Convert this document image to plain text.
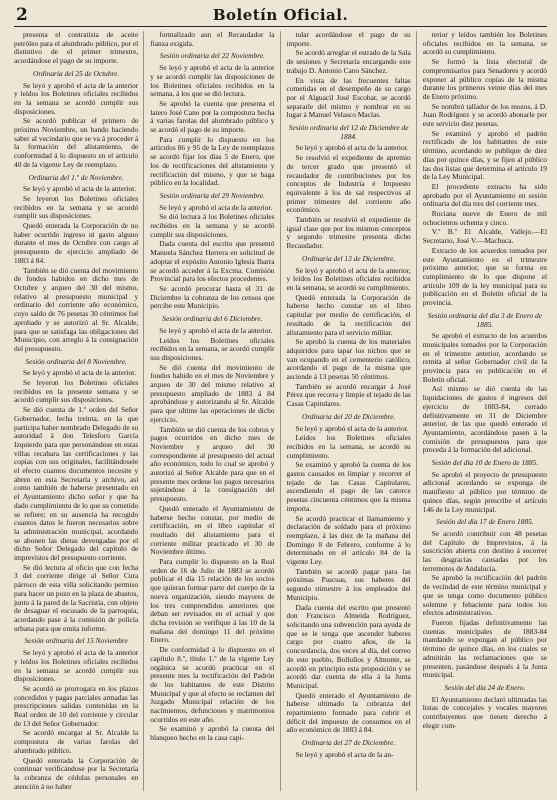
2	Boletín Oficial.

presenta el contratista de aceite petróleo para el alumbrado público, por el distintivo de el primer trimestre, acordándose el pago de su importe.

Ordinaria del 25 de Octubre.

Se leyó y aprobó el acta de la anterior y leídos los Boletines oficiales recibidos en la semana se acordó cumplir sus disposiciones.

Se acordó publicar el primero de próximo Noviembre, un bando haciendo saber al vecindario que se va á proceder á la formación del alistamiento, de conformidad á lo dispuesto en el artículo 40 de la vigente Ley de reemplazo.

Ordinaria del 1.º de Noviembre.

Se leyó y aprobó el acta de la anterior.

Se leyeron los Boletines oficiales recibidos en la semana y se acordó cumplir sus disposiciones.

Quedó enterada la Corporación de no haber ocurrido ingreso ni gasto alguno durante el mes de Octubre con cargo al presupuesto de ejercicio ampliado de 1883 á 84.

También se dió cuenta del movimiento de fondos habidos en dicho mes de Octubre y arqueo del 30 del mismo, relativo al presupuesto municipal y ordinario del corriente año económico, cuyo saldo de 76 pesetas 30 céntimos fué aprobado y se autorizó al Sr. Alcalde, para que se satisfaga las obligaciones del Municipio, con arreglo á la consignación del presupuesto.

Sesión ordinaria del 8 Noviembre.

Se leyó y aprobó el acta de la anterior.

Se leyeron los Boletines oficiales recibidos en la presente semana y se acordó cumplir sus disposiciones.

Se dió cuenta de 1.º orden del Señor Gobernador, fecha treinta, en la que participa haber nombrado Delegado de su autoridad á don Telesforo García Izquierdo para que personándose en estas villas recabara las certificaciones y las copias con sus originales, facilitándosele el efecto cuantos documentos necesite y abren en esta Secretaría y archivo, así como también de haberse presentado en el Ayuntamiento dicho señor y que ha dado cumplimiento de lo que su cometido se refiere; en su ausencia ha recogido cuantos datos le fueron necesarios sobre la administración municipal, acordando se abonen las dietas devengadas por el dicho Señor Delegado del capítulo de imprevistos del presupuesto corriente.

Se dió lectura al oficio que con fecha 3 del corriente dirige al Señor Cura párroco de esta villa solicitando permiso para hacer un pozo en la plaza de abastos, junto á la pared de la Sacristía, con objeto de desaguar el escusado de la parroquia, acordando pase á la comisión de policía urbana para que emita informe.

Sesión ordinaria del 15 Noviembre

Se leyó y aprobó el acta de la anterior y leídos los Boletines oficiales recibidos en la semana se acordó cumplir sus disposiciones.

Se acordó se prorrogara en los plazos concedidos y pagas parciales armadas las prescripciones salidas contenidas en la Real orden de 10 del corriente y circular de 13 del Señor Gobernador.

Se acordó encargar al Sr. Alcalde la compostura de varias farolas del alumbrado público.

Quedó enterada la Corporación de continuar verificándose por la Secretaría la cobranza de cédulas personales en atención á no haber

formalizado aun el Recaudador la fianza exigida.

Sesión ordinaria del 22 Noviembre.

Se leyó y aprobó el acta de la anterior y se acordó cumplir las disposiciones de los Boletines oficiales recibidos en la semana, á los que se dió lectura.

Se aprobó la cuenta que presenta el latero José Cano por la compostura hecha á varias farolas del alumbrado público y se acordó el pago de su importe.

Para cumplir lo dispuesto en los artículos 86 y 95 de la Ley de reemplazos se acordó fijar los días 5 de Enero, que los de rectificaciones del alistamiento y rectificación del mismo, y que se haga público en la localidad.

Sesión ordinaria del 29 Noviembre.

Se leyó y aprobó el acta de la anterior.

Se dió lectura á los Boletines oficiales recibidos en la semana y se acordó cumplir sus disposiciones.

Dada cuenta del escrito que presentó Manuela Sánchez Herrera en solicitud de adoptar el expósito Antonio Iglesia Ibarra se acordó acceder á la Excma. Comisión Provincial para los efectos procedentes.

Se acordó procurar hasta el 31 de Diciembre la cobranza de los censos que percibe este Municipio.

Sesión ordinaria del 6 Diciembre.

Se leyó y aprobó el acta de la anterior.

Leídos los Boletines oficiales recibidos en la semana, se acordó cumplir sus disposiciones.

Se dió cuenta del movimiento de fondos habido en el mes de Noviembre y arqueo de 30 del mismo relativo al presupuesto ampliado de 1883 á 84 aprobándose y autorizando al Sr. Alcalde para que ultime las operaciones de dicho ejercicio.

También se dió cuenta de los cobros y pagos ocurridos en dicho mes de Noviembre y arqueo del 30 correspondiente al presupuesto del actual año económico, todo lo cual se aprobó y autorizó al Señor Alcalde para que en el presente mes ordene los pagos necesarios sujetándose á la consignación del presupuesto.

Quedó enterado el Ayuntamiento de haberse hecho constar, por medio de certificación, en el libro capitular el resultado del alistamiento para el corriente militar practicado el 30 de Noviembre último.

Para cumplir lo dispuesto en la Real orden de 16 de Julio de 1883 se acordó publicar el día 15 relación de los socios que quieran formar parte del cuerpo de la nueva organización, siendo mayores de los tres comprendidos anteriores que deban ser revisados en el actual y que dicha revisión se verifique á las 10 de la mañana del domingo 11 del próximo Enero.

De conformidad á lo dispuesto en el capítulo 8.º, título 1.º de la vigente Ley orgánica se acordó practicar en el presente mes la rectificación del Padrón de los habitantes de este Distrito Municipal y que al efecto se reclamen del Juzgado Municipal relación de los nacimientos, defunciones y matrimonios ocurridos en este año.

Se examinó y aprobó la cuenta del blanqueo hecho en la casa capi-

tular acordándose el pago de su importe.

Se acordó arreglar el estrado de la Sala de sesiones y Secretaría encargando este trabajo D. Antonio Cano Sánchez.

En vista de las frecuentes faltas cometidas en el desempeño de su cargo por el Alguacil José Escobar, se acordó separarle del mismo y nombrar en su lugar á Manuel Velasco Macías.

Sesión ordinaria del 12 de Diciembre de 1884.

Se leyó y aprobó el acta de la anterior.

Se resolvió el expediente de apremio de tercer grado que presentó el recaudador de contribuciones por los conceptos de Industria é Impuesto equivalente á los de sal respectivos al primer trimestre del corriente año económico.

También se resolvió el expediente de igual clase que por los mismos conceptos y segundo trimestre presenta dicho Recaudador.

Ordinaria del 13 de Diciembre.

Se leyó y aprobó el acta de la anterior, y leídos los Boletines oficiales recibidos en la semana, se acordó su cumplimiento.

Quedó enterada la Corporación de haberse hecho constar en el libro capitular por medio de certificación, el resultado de la rectificación del alistamiento para el servicio militar.

Se aprobó la cuenta de los materiales adquiridos para tapar los nichos que se van ocupando en el cementerio católico, acordando el pago de la misma que asciende á 13 pesetas 50 céntimos.

También se acordó encargar á José Pérez que recorra y limpie el tejado de las Casas Capitulares.

Ordinaria del 20 de Diciembre.

Se leyó y aprobó el acta de la anterior.

Leídos los Boletines oficiales recibidos en la semana, se acordó su cumplimiento.

Se examinó y aprobó la cuenta de los gastos causados en limpiar y recorrer el tejado de las Casas Capitulares, ascendiendo el pago de las catorce pesetas cincuenta céntimos que la misma importa.

Se acordó practicar el llamamiento y declaración de soldado para el próximo reemplazo, á las diez de la mañana del Domingo 8 de Febrero, conforme á lo determinado en el artículo 84 de la vigente Ley.

También se acordó pagar para las próximas Pascuas, sus haberes del segundo trimestre á los empleados del Municipio.

Dada cuenta del escrito que presentó don Francisco Almeida Rodríguez, solicitando una subvención para ayuda de que se le tenga que ascender haberes cargo por cuatro años, de la concordancia, dos veces al día, del correo de este pueblo, Bollullos y Almonte, se acordó en principio esta proposición y se acordó dar cuenta de ella á la Junta Municipal.

Quedó enterado el Ayuntamiento de haberse ultimado la cobranza del repartimiento formado para cubrir el déficit del impuesto de consumos en el año económico de 1883 á 84.

Ordinaria del 27 de Diciembre.

Se leyó y aprobó el acta de la an-

terior y leídos también los Boletines oficiales recibidos en la semana, se acordó su cumplimiento.

Se formó la lista electoral de compromisarios para Senadores y acordó exponer al público copias de la misma durante los primeros veinte días del mes de Enero próximo.

Se nombró tallador de los mozos, á D. Juan Rodríguez y se acordó abonarle por este servicio diez pesetas.

Se examinó y aprobó el padrón rectificado de los habitantes de este término, acordando se publique de diez días por quince días, y se fijen al público las dos listas que determina el artículo 19 de la Ley Municipal.

El procedente extracto ha sido aprobado por el Ayuntamiento en sesión ordinaria del día tres del corriente mes.

Rociana nueve de Enero de mil ochocientos ochenta y cinco.

V.º B.º El Alcalde, Vallejo.—El Secretario, José V.—Machuca.

Extracto de los acuerdos tomados por este Ayuntamiento en el trimestre próximo anterior, que se forma en cumplimiento de lo que dispone el artículo 109 de la ley municipal para su publicación en el Boletín oficial de la provincia.

Sesión ordinaria del día 3 de Enero de 1885.

Se aprobó el extracto de los acuerdos municipales tomados por la Corporación en el trimestre anterior, acordando se remita al señor Gobernador civil de la provincia para su publicación en el Boletín oficial.

Así mismo se dió cuenta de las liquidaciones de gastos é ingresos del ejercicio de 1883-84, cerrado definitivamente en 31 de Diciembre anterior, de las que quedó enterado el Ayuntamiento, acordándose pasen á la comisión de presupuestos para que proceda á la formación del adicional.

Sesión del día 10 de Enero de 1885.

Se aprobó el proyecto de presupuesto adicional acordando se exponga de manifiesto al público por término de quince días, según prescribe el artículo 146 de la Ley municipal.

Sesión del día 17 de Enero 1885.

Se acordó contribuir con 48 pesetas del Capítulo de Imprevistos, á la suscrición abierta con destino á socorrer las desgracias causadas por los terremotos de Andalucía.

Se aprobó la rectificación del padrón de vecindad de este término municipal y que se tenga como documento público solemne y fehaciente para todos los efectos administrativos.

Fueron fijadas definitivamente las cuentas municipales de 1883-84 mandando se expongan al público por término de quince días, en los cuales se admitirán las reclamaciones que se presenten, pasándose después á la Junta municipal.

Sesión del día 24 de Enero.

El Ayuntamiento declaró ultimadas las listas de concejales y vocales mayores contribuyentes que tienen derecho á elegir com-
